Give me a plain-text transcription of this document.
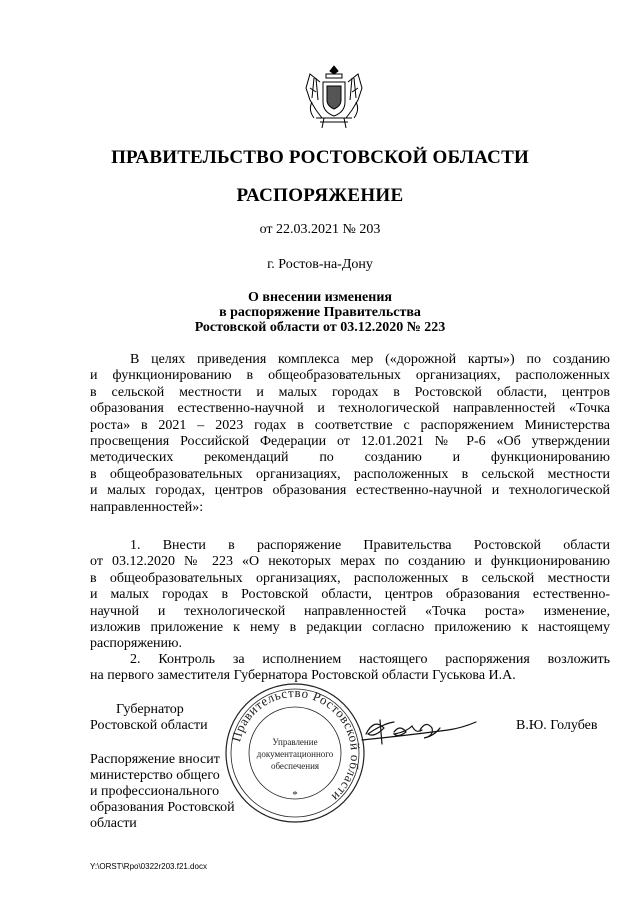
ПРАВИТЕЛЬСТВО РОСТОВСКОЙ ОБЛАСТИ
РАСПОРЯЖЕНИЕ
от 22.03.2021 № 203
г. Ростов-на-Дону
О внесении изменения
в распоряжение Правительства
Ростовской области от 03.12.2020 № 223
В целях приведения комплекса мер («дорожной карты») по созданию
и функционированию в общеобразовательных организациях, расположенных
в сельской местности и малых городах в Ростовской области, центров
образования естественно-научной и технологической направленностей «Точка
роста» в 2021 – 2023 годах в соответствие с распоряжением Министерства
просвещения Российской Федерации от 12.01.2021 № Р-6 «Об утверждении
методических рекомендаций по созданию и функционированию
в общеобразовательных организациях, расположенных в сельской местности
и малых городах, центров образования естественно-научной и технологической
направленностей»:
1. Внести в распоряжение Правительства Ростовской области
от 03.12.2020 № 223 «О некоторых мерах по созданию и функционированию
в общеобразовательных организациях, расположенных в сельской местности
и малых городах в Ростовской области, центров образования естественно-
научной и технологической направленностей «Точка роста» изменение,
изложив приложение к нему в редакции согласно приложению к настоящему
распоряжению.
2. Контроль за исполнением настоящего распоряжения возложить
на первого заместителя Губернатора Ростовской области Гуськова И.А.
Губернатор
Ростовской области	В.Ю. Голубев
Распоряжение вносит
министерство общего
и профессионального
образования Ростовской
области
Правительство Ростовской области
Управление
документационного
обеспечения
*
Y:\ORST\Rpo\0322r203.f21.docx
